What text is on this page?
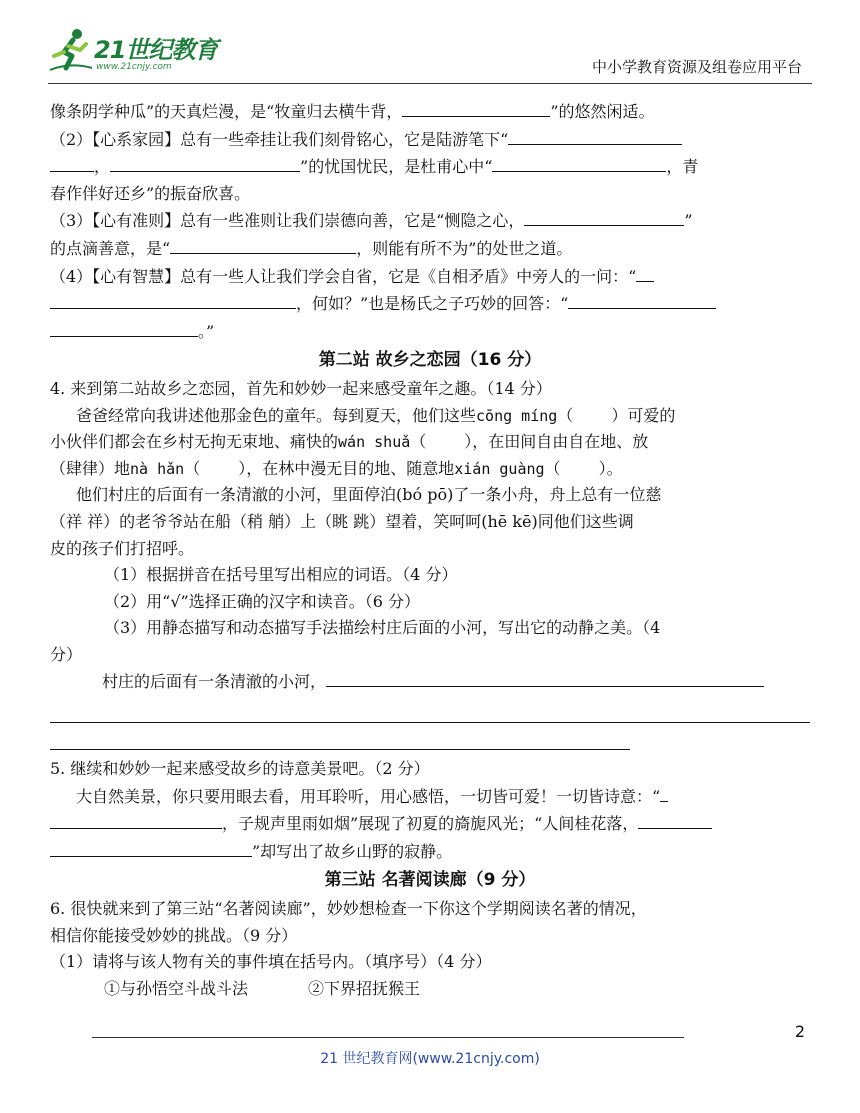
21世纪教育
www.21cnjy.com	中小学教育资源及组卷应用平台

像条阴学种瓜”的天真烂漫，是“牧童归去横牛背，	”的悠然闲适。

（2）【心系家园】总有一些牵挂让我们刻骨铭心，它是陆游笔下“

，	”的忧国忧民，是杜甫心中“	，青

春作伴好还乡”的振奋欣喜。

（3）【心有准则】总有一些准则让我们崇德向善，它是“恻隐之心，	”

的点滴善意，是“	，则能有所不为”的处世之道。

（4）【心有智慧】总有一些人让我们学会自省，它是《自相矛盾》中旁人的一问：“

，何如？”也是杨氏之子巧妙的回答：“

。”

第二站 故乡之恋园（16 分）

4. 来到第二站故乡之恋园，首先和妙妙一起来感受童年之趣。（14 分）

爸爸经常向我讲述他那金色的童年。每到夏天，他们这些cōng míng（ ）可爱的

小伙伴们都会在乡村无拘无束地、痛快的wán shuǎ（ ），在田间自由自在地、放

（肆律）地nà hǎn（ ），在林中漫无目的地、随意地xián guàng（ ）。

他们村庄的后面有一条清澈的小河，里面停泊(bó pō)了一条小舟，舟上总有一位慈

（祥 祥）的老爷爷站在船（稍 艄）上（眺 跳）望着，笑呵呵(hē kē)同他们这些调

皮的孩子们打招呼。

（1）根据拼音在括号里写出相应的词语。（4 分）

（2）用“√”选择正确的汉字和读音。（6 分）

（3）用静态描写和动态描写手法描绘村庄后面的小河，写出它的动静之美。（4

分）

村庄的后面有一条清澈的小河，

5. 继续和妙妙一起来感受故乡的诗意美景吧。（2 分）

大自然美景，你只要用眼去看，用耳聆听，用心感悟，一切皆可爱！一切皆诗意：“

，子规声里雨如烟”展现了初夏的旖旎风光；“人间桂花落，

”却写出了故乡山野的寂静。

第三站 名著阅读廊（9 分）

6. 很快就来到了第三站“名著阅读廊”，妙妙想检查一下你这个学期阅读名著的情况，

相信你能接受妙妙的挑战。（9 分）

（1）请将与该人物有关的事件填在括号内。（填序号）（4 分）

①与孙悟空斗战斗法	②下界招抚猴王

2
21 世纪教育网(www.21cnjy.com)
